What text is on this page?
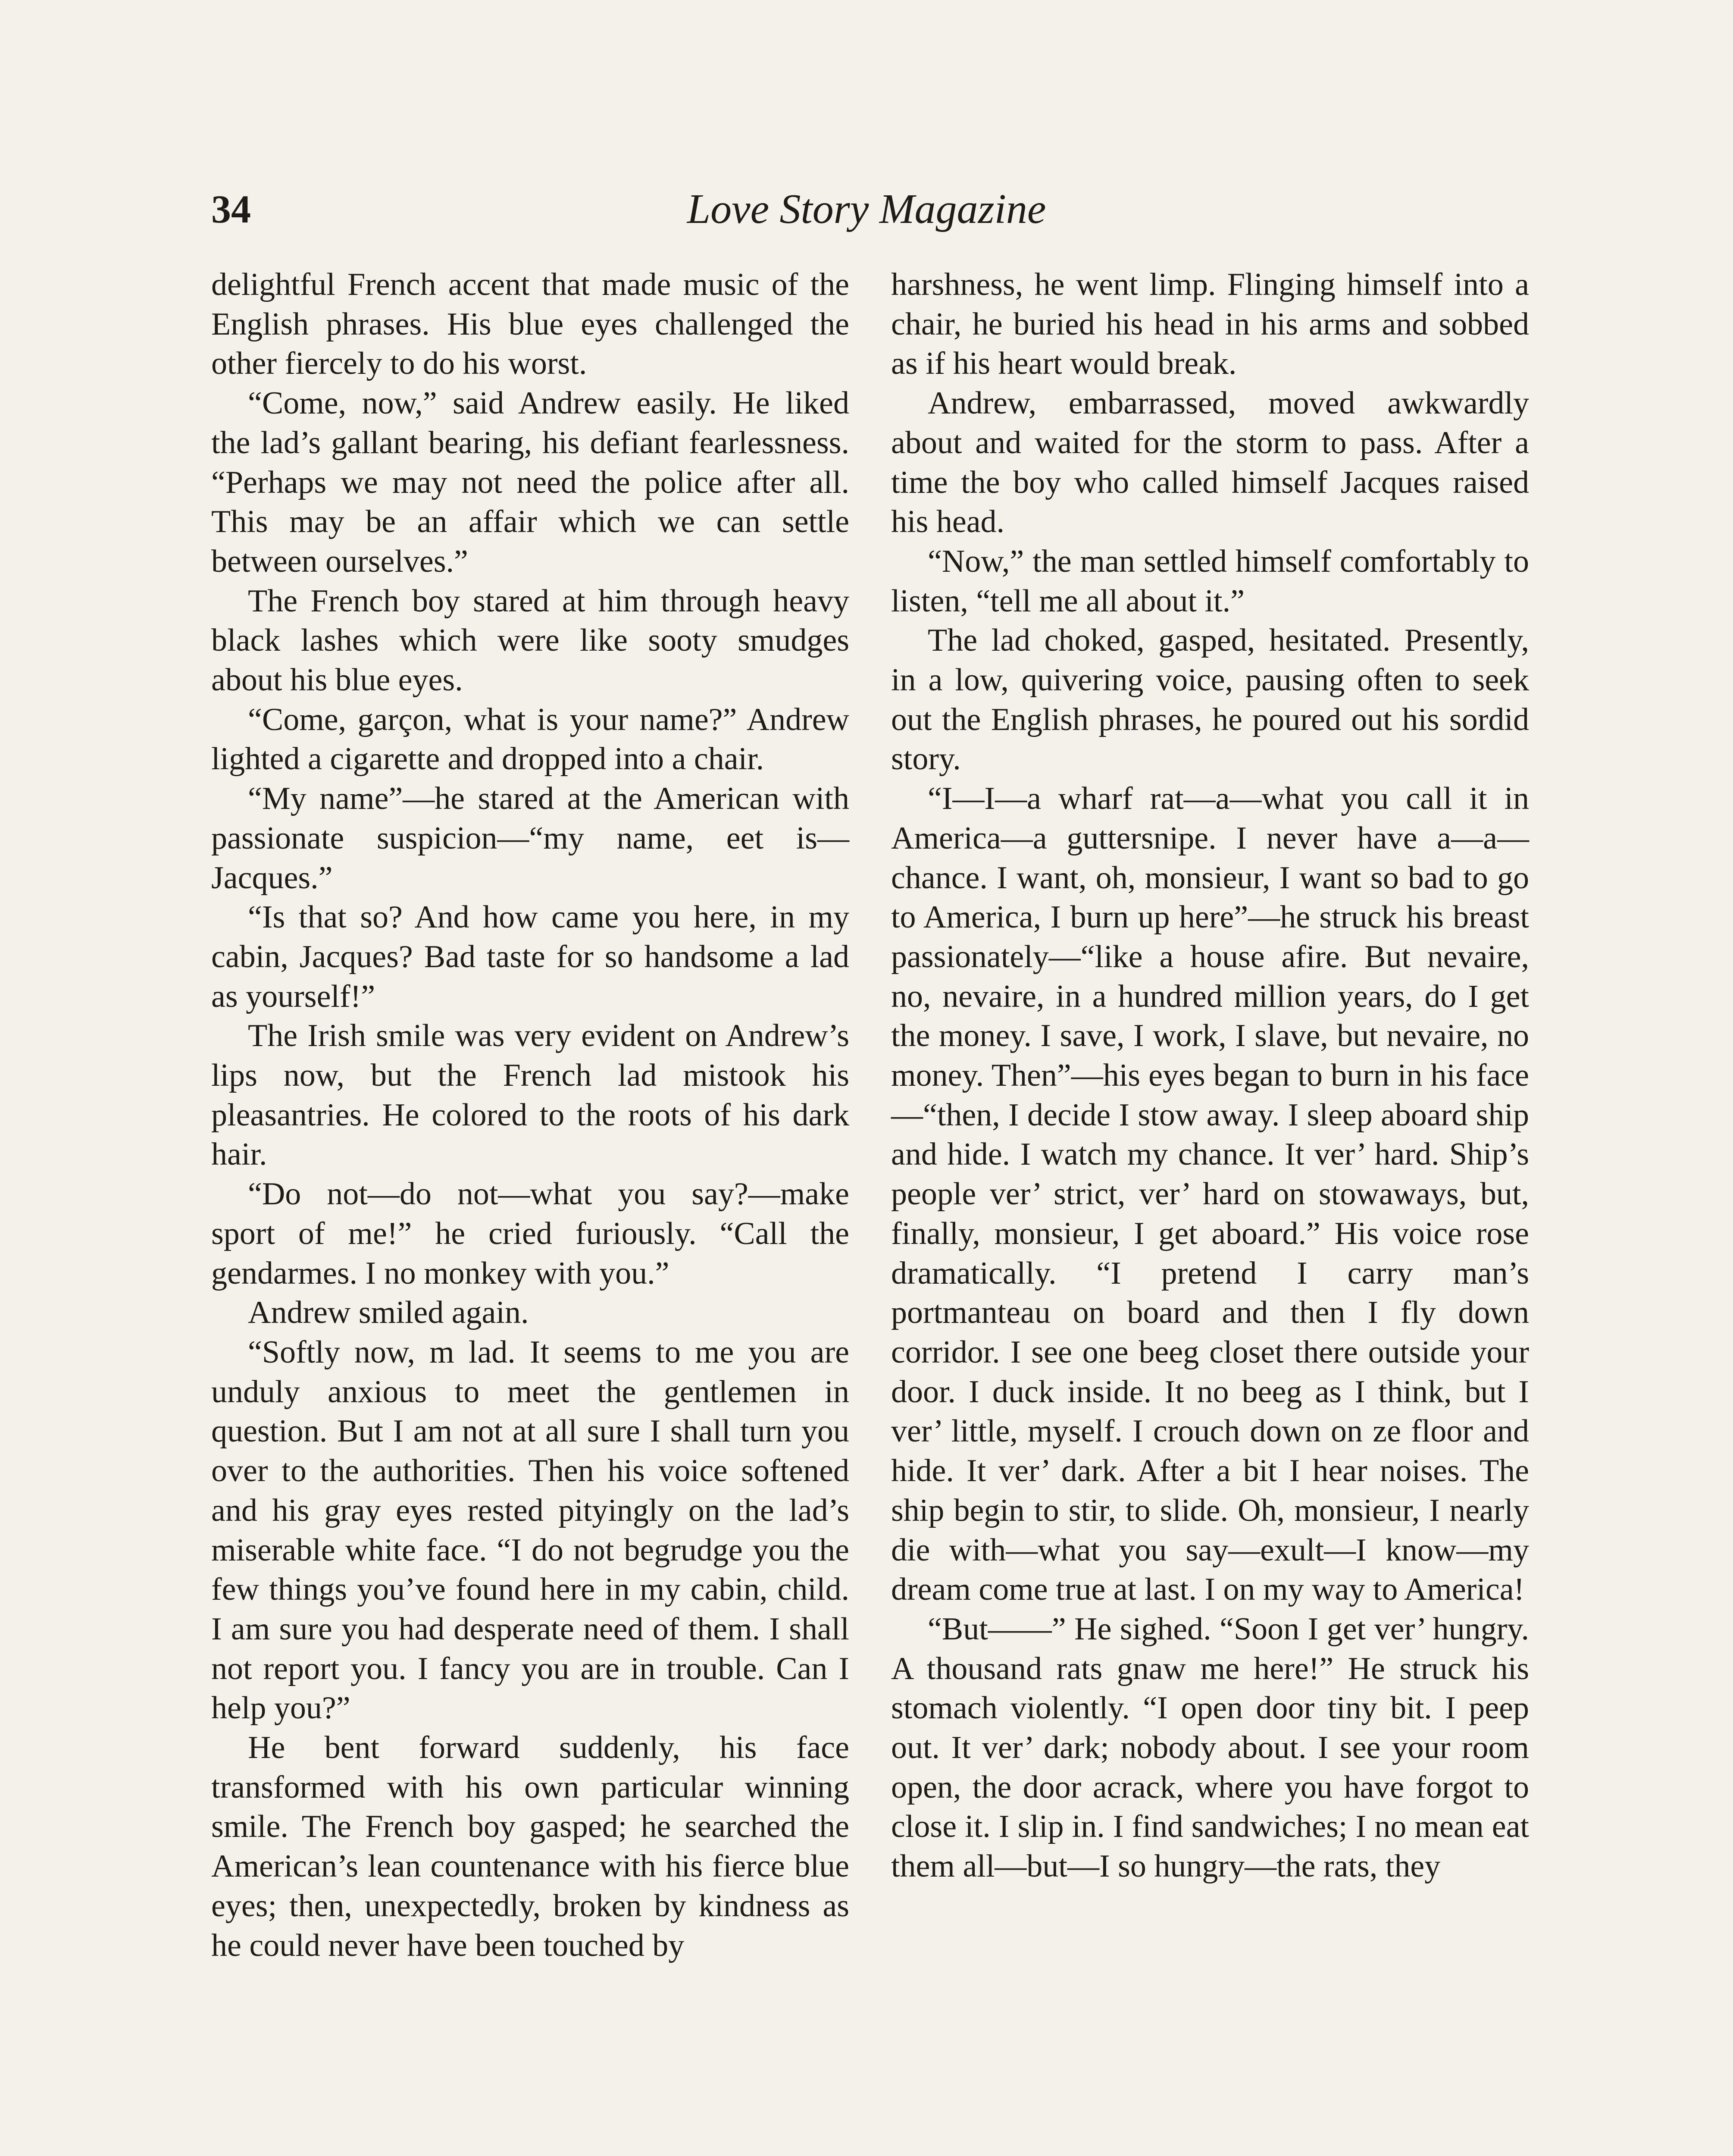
34	Love Story Magazine

delightful French accent that made music of the English phrases. His blue eyes challenged the other fiercely to do his worst.

“Come, now,” said Andrew easily. He liked the lad’s gallant bearing, his defiant fearlessness. “Perhaps we may not need the police after all. This may be an affair which we can settle between ourselves.”

The French boy stared at him through heavy black lashes which were like sooty smudges about his blue eyes.

“Come, garçon, what is your name?” Andrew lighted a cigarette and dropped into a chair.

“My name”—he stared at the American with passionate suspicion—“my name, eet is—Jacques.”

“Is that so? And how came you here, in my cabin, Jacques? Bad taste for so handsome a lad as yourself!”

The Irish smile was very evident on Andrew’s lips now, but the French lad mistook his pleasantries. He colored to the roots of his dark hair.

“Do not—do not—what you say?—make sport of me!” he cried furiously. “Call the gendarmes. I no monkey with you.”

Andrew smiled again.

“Softly now, m lad. It seems to me you are unduly anxious to meet the gentlemen in question. But I am not at all sure I shall turn you over to the authorities. Then his voice softened and his gray eyes rested pityingly on the lad’s miserable white face. “I do not begrudge you the few things you’ve found here in my cabin, child. I am sure you had desperate need of them. I shall not report you. I fancy you are in trouble. Can I help you?”

He bent forward suddenly, his face transformed with his own particular winning smile. The French boy gasped; he searched the American’s lean countenance with his fierce blue eyes; then, unexpectedly, broken by kindness as he could never have been touched by

harshness, he went limp. Flinging himself into a chair, he buried his head in his arms and sobbed as if his heart would break.

Andrew, embarrassed, moved awkwardly about and waited for the storm to pass. After a time the boy who called himself Jacques raised his head.

“Now,” the man settled himself comfortably to listen, “tell me all about it.”

The lad choked, gasped, hesitated. Presently, in a low, quivering voice, pausing often to seek out the English phrases, he poured out his sordid story.

“I—I—a wharf rat—a—what you call it in America—a guttersnipe. I never have a—a—chance. I want, oh, monsieur, I want so bad to go to America, I burn up here”—he struck his breast passionately—“like a house afire. But nevaire, no, nevaire, in a hundred million years, do I get the money. I save, I work, I slave, but nevaire, no money. Then”—his eyes began to burn in his face—“then, I decide I stow away. I sleep aboard ship and hide. I watch my chance. It ver’ hard. Ship’s people ver’ strict, ver’ hard on stowaways, but, finally, monsieur, I get aboard.” His voice rose dramatically. “I pretend I carry man’s portmanteau on board and then I fly down corridor. I see one beeg closet there outside your door. I duck inside. It no beeg as I think, but I ver’ little, myself. I crouch down on ze floor and hide. It ver’ dark. After a bit I hear noises. The ship begin to stir, to slide. Oh, monsieur, I nearly die with—what you say—exult—I know—my dream come true at last. I on my way to America!

“But——” He sighed. “Soon I get ver’ hungry. A thousand rats gnaw me here!” He struck his stomach violently. “I open door tiny bit. I peep out. It ver’ dark; nobody about. I see your room open, the door acrack, where you have forgot to close it. I slip in. I find sandwiches; I no mean eat them all—but—I so hungry—the rats, they
